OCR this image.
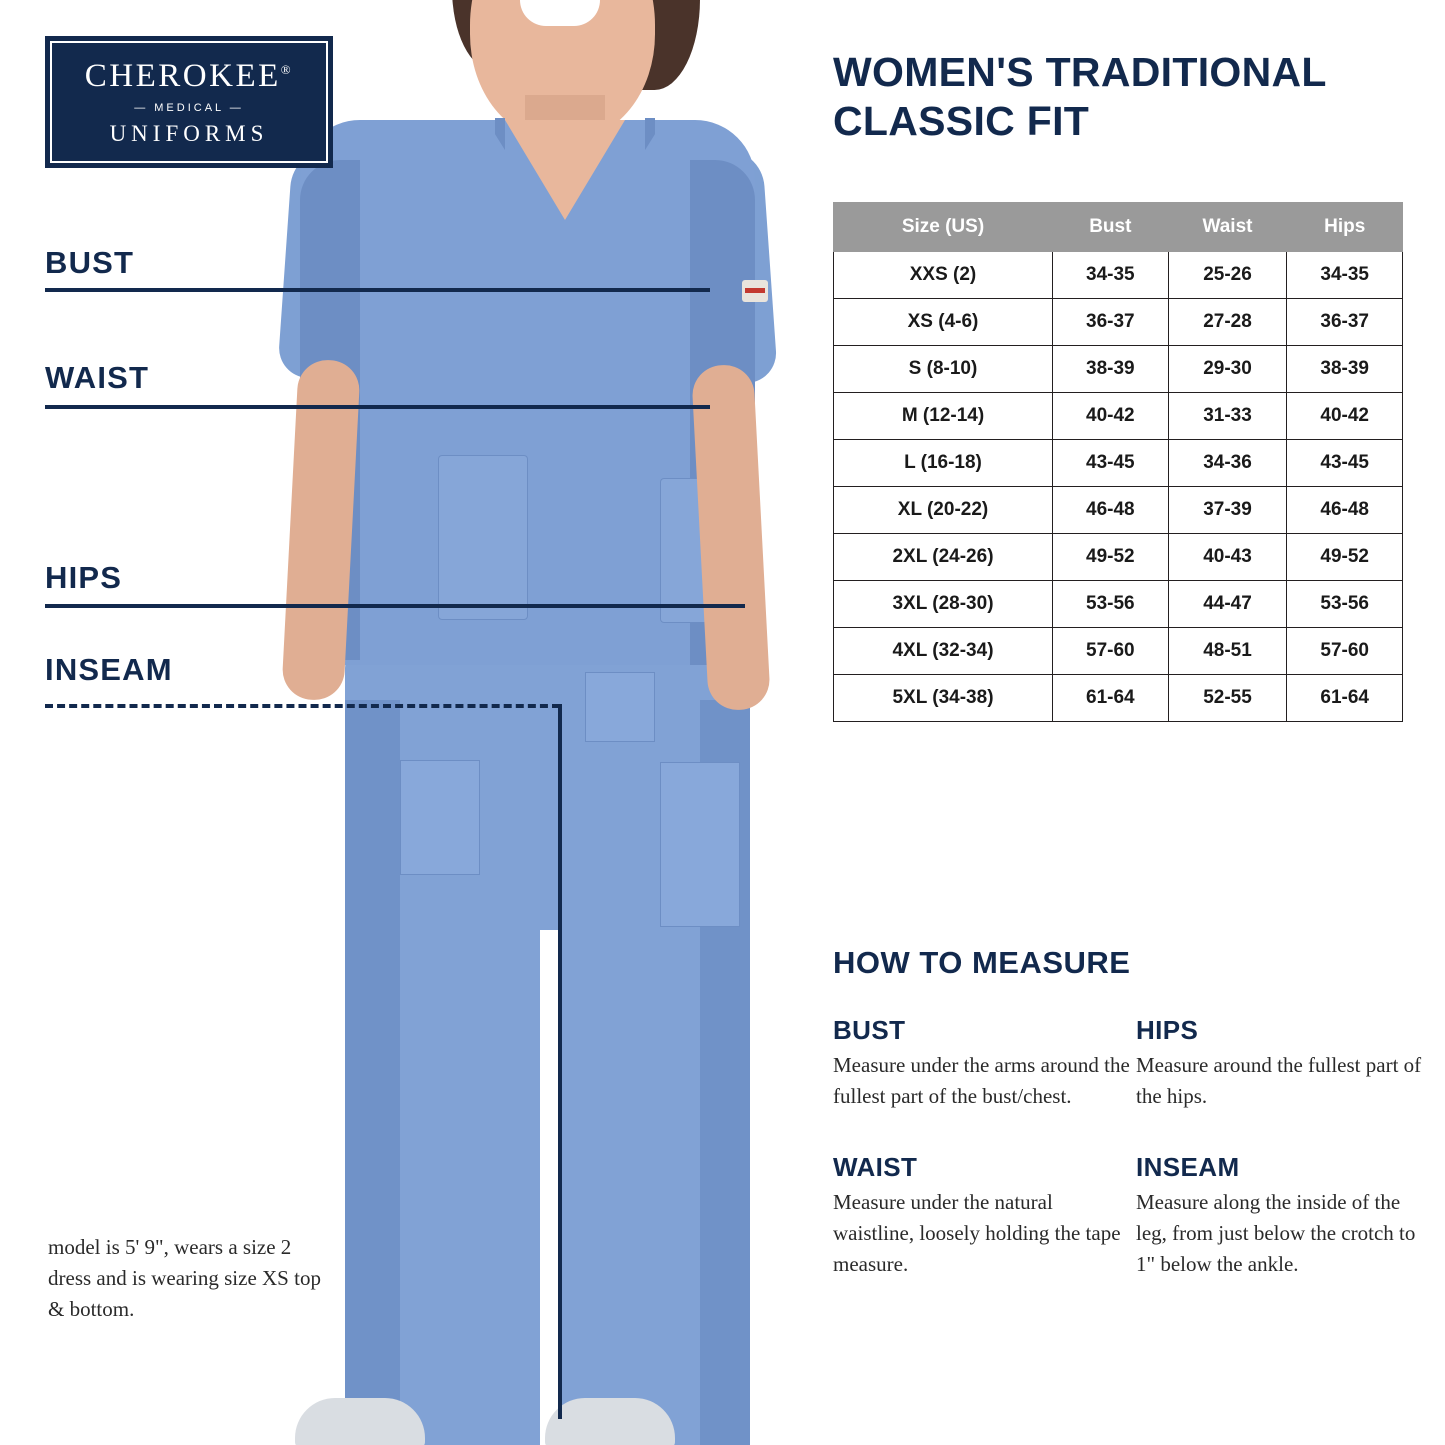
CHEROKEE®
— MEDICAL —
UNIFORMS
BUST
WAIST
HIPS
INSEAM
model is 5' 9", wears a size 2 dress and is wearing size XS top & bottom.
WOMEN'S TRADITIONAL CLASSIC FIT
Size (US)	Bust	Waist	Hips
XXS (2)	34-35	25-26	34-35
XS (4-6)	36-37	27-28	36-37
S (8-10)	38-39	29-30	38-39
M (12-14)	40-42	31-33	40-42
L (16-18)	43-45	34-36	43-45
XL (20-22)	46-48	37-39	46-48
2XL (24-26)	49-52	40-43	49-52
3XL (28-30)	53-56	44-47	53-56
4XL (32-34)	57-60	48-51	57-60
5XL (34-38)	61-64	52-55	61-64
HOW TO MEASURE
BUST

Measure under the arms around the fullest part of the bust/chest.

HIPS

Measure around the fullest part of the hips.

WAIST

Measure under the natural waistline, loosely holding the tape measure.

INSEAM

Measure along the inside of the leg, from just below the crotch to 1" below the ankle.
